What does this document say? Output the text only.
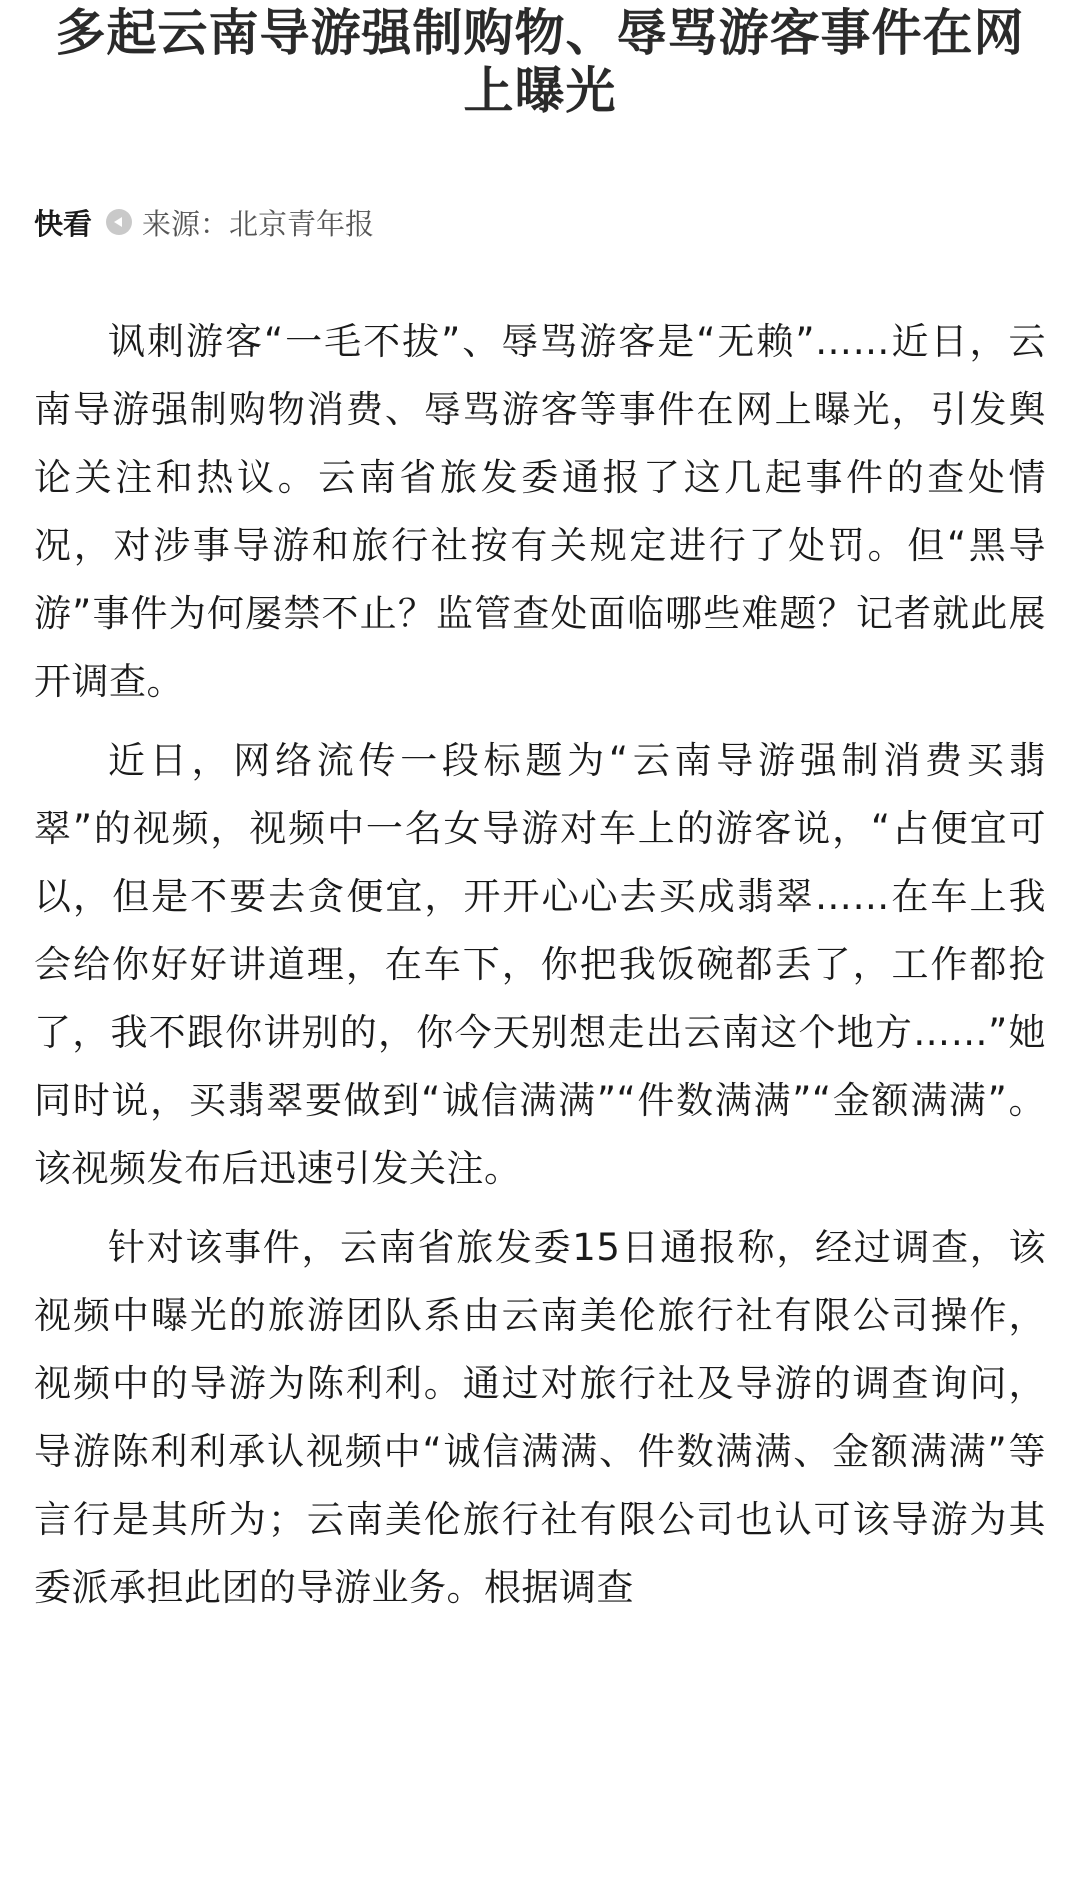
多起云南导游强制购物、辱骂游客事件在网上曝光
快看 来源：北京青年报

讽刺游客“一毛不拔”、辱骂游客是“无赖”……近日，云南导游强制购物消费、辱骂游客等事件在网上曝光，引发舆论关注和热议。云南省旅发委通报了这几起事件的查处情况，对涉事导游和旅行社按有关规定进行了处罚。但“黑导游”事件为何屡禁不止？监管查处面临哪些难题？记者就此展开调查。

近日，网络流传一段标题为“云南导游强制消费买翡翠”的视频，视频中一名女导游对车上的游客说，“占便宜可以，但是不要去贪便宜，开开心心去买成翡翠……在车上我会给你好好讲道理，在车下，你把我饭碗都丢了，工作都抢了，我不跟你讲别的，你今天别想走出云南这个地方……”她同时说，买翡翠要做到“诚信满满”“件数满满”“金额满满”。该视频发布后迅速引发关注。

针对该事件，云南省旅发委15日通报称，经过调查，该视频中曝光的旅游团队系由云南美伦旅行社有限公司操作，视频中的导游为陈利利。通过对旅行社及导游的调查询问，导游陈利利承认视频中“诚信满满、件数满满、金额满满”等言行是其所为；云南美伦旅行社有限公司也认可该导游为其委派承担此团的导游业务。根据调查
